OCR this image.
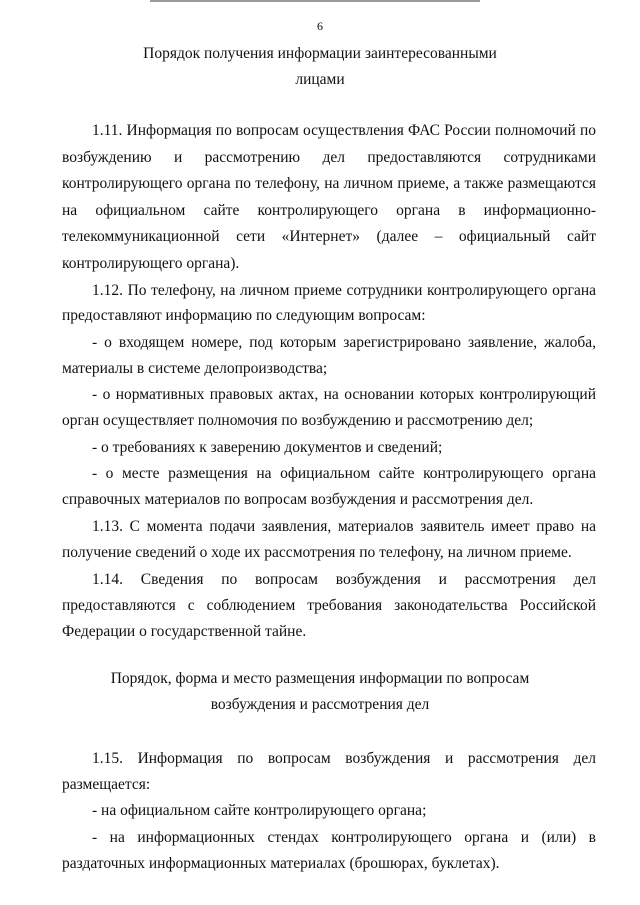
6
Порядок получения информации заинтересованными
лицами
1.11. Информация по вопросам осуществления ФАС России полномочий по
возбуждению и рассмотрению дел предоставляются сотрудниками
контролирующего органа по телефону, на личном приеме, а также размещаются
на официальном сайте контролирующего органа в информационно-
телекоммуникационной сети «Интернет» (далее – официальный сайт
контролирующего органа).
1.12. По телефону, на личном приеме сотрудники контролирующего органа
предоставляют информацию по следующим вопросам:
- о входящем номере, под которым зарегистрировано заявление, жалоба,
материалы в системе делопроизводства;
- о нормативных правовых актах, на основании которых контролирующий
орган осуществляет полномочия по возбуждению и рассмотрению дел;
- о требованиях к заверению документов и сведений;
- о месте размещения на официальном сайте контролирующего органа
справочных материалов по вопросам возбуждения и рассмотрения дел.
1.13. С момента подачи заявления, материалов заявитель имеет право на
получение сведений о ходе их рассмотрения по телефону, на личном приеме.
1.14. Сведения по вопросам возбуждения и рассмотрения дел
предоставляются с соблюдением требования законодательства Российской
Федерации о государственной тайне.
Порядок, форма и место размещения информации по вопросам
возбуждения и рассмотрения дел
1.15. Информация по вопросам возбуждения и рассмотрения дел
размещается:
- на официальном сайте контролирующего органа;
- на информационных стендах контролирующего органа и (или) в
раздаточных информационных материалах (брошюрах, буклетах).
